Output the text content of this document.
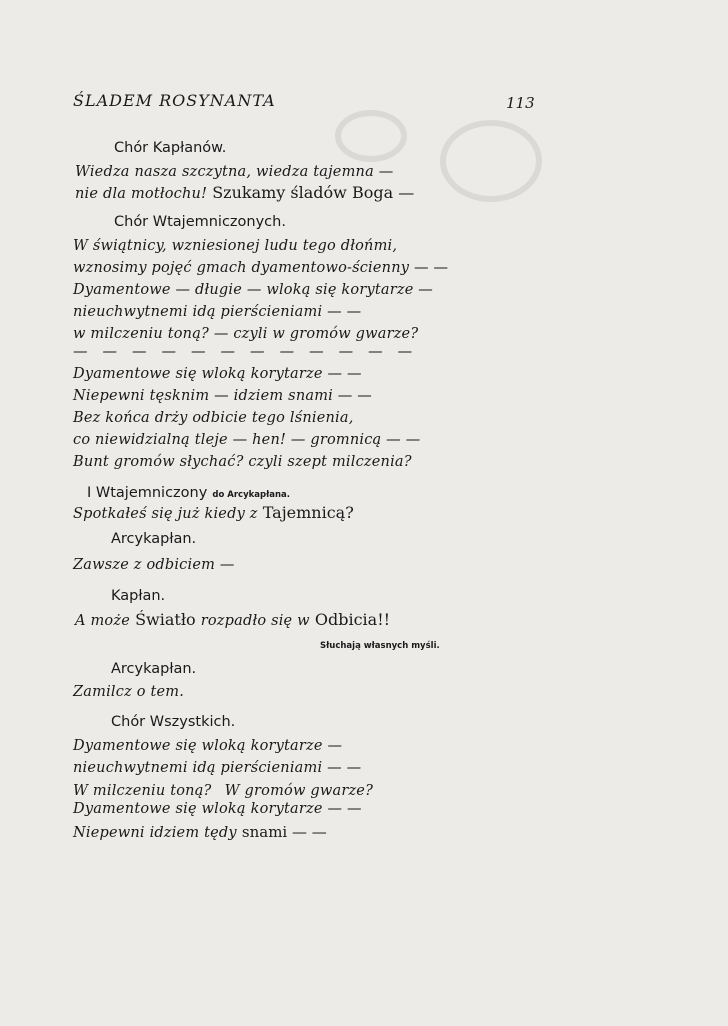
ŚLADEM ROSYNANTA	113
Chór Kapłanów.
Wiedza nasza szczytna, wiedza tajemna —
nie dla motłochu! Szukamy śladów Boga —
Chór Wtajemniczonych.
W świątnicy, wzniesionej ludu tego dłońmi,
wznosimy pojęć gmach dyamentowo-ścienny — —
Dyamentowe — długie — wloką się korytarze —
nieuchwytnemi idą pierścieniami — —
w milczeniu toną? — czyli w gromów gwarze?
— — — — — — — — — — — —
Dyamentowe się wloką korytarze — —
Niepewni tęsknim — idziem snami — —
Bez końca drży odbicie tego lśnienia,
co niewidzialną tleje — hen! — gromnicą — —
Bunt gromów słychać? czyli szept milczenia?
I Wtajemniczony do Arcykapłana.
Spotkałeś się już kiedy z Tajemnicą?
Arcykapłan.
Zawsze z odbiciem —
Kapłan.
A może Światło rozpadło się w Odbicia!!
Słuchają własnych myśli.
Arcykapłan.
Zamilcz o tem.
Chór Wszystkich.
Dyamentowe się wloką korytarze —
nieuchwytnemi idą pierścieniami — —
W milczeniu toną? W gromów gwarze?
Dyamentowe się wloką korytarze — —
Niepewni idziem tędy snami — —
